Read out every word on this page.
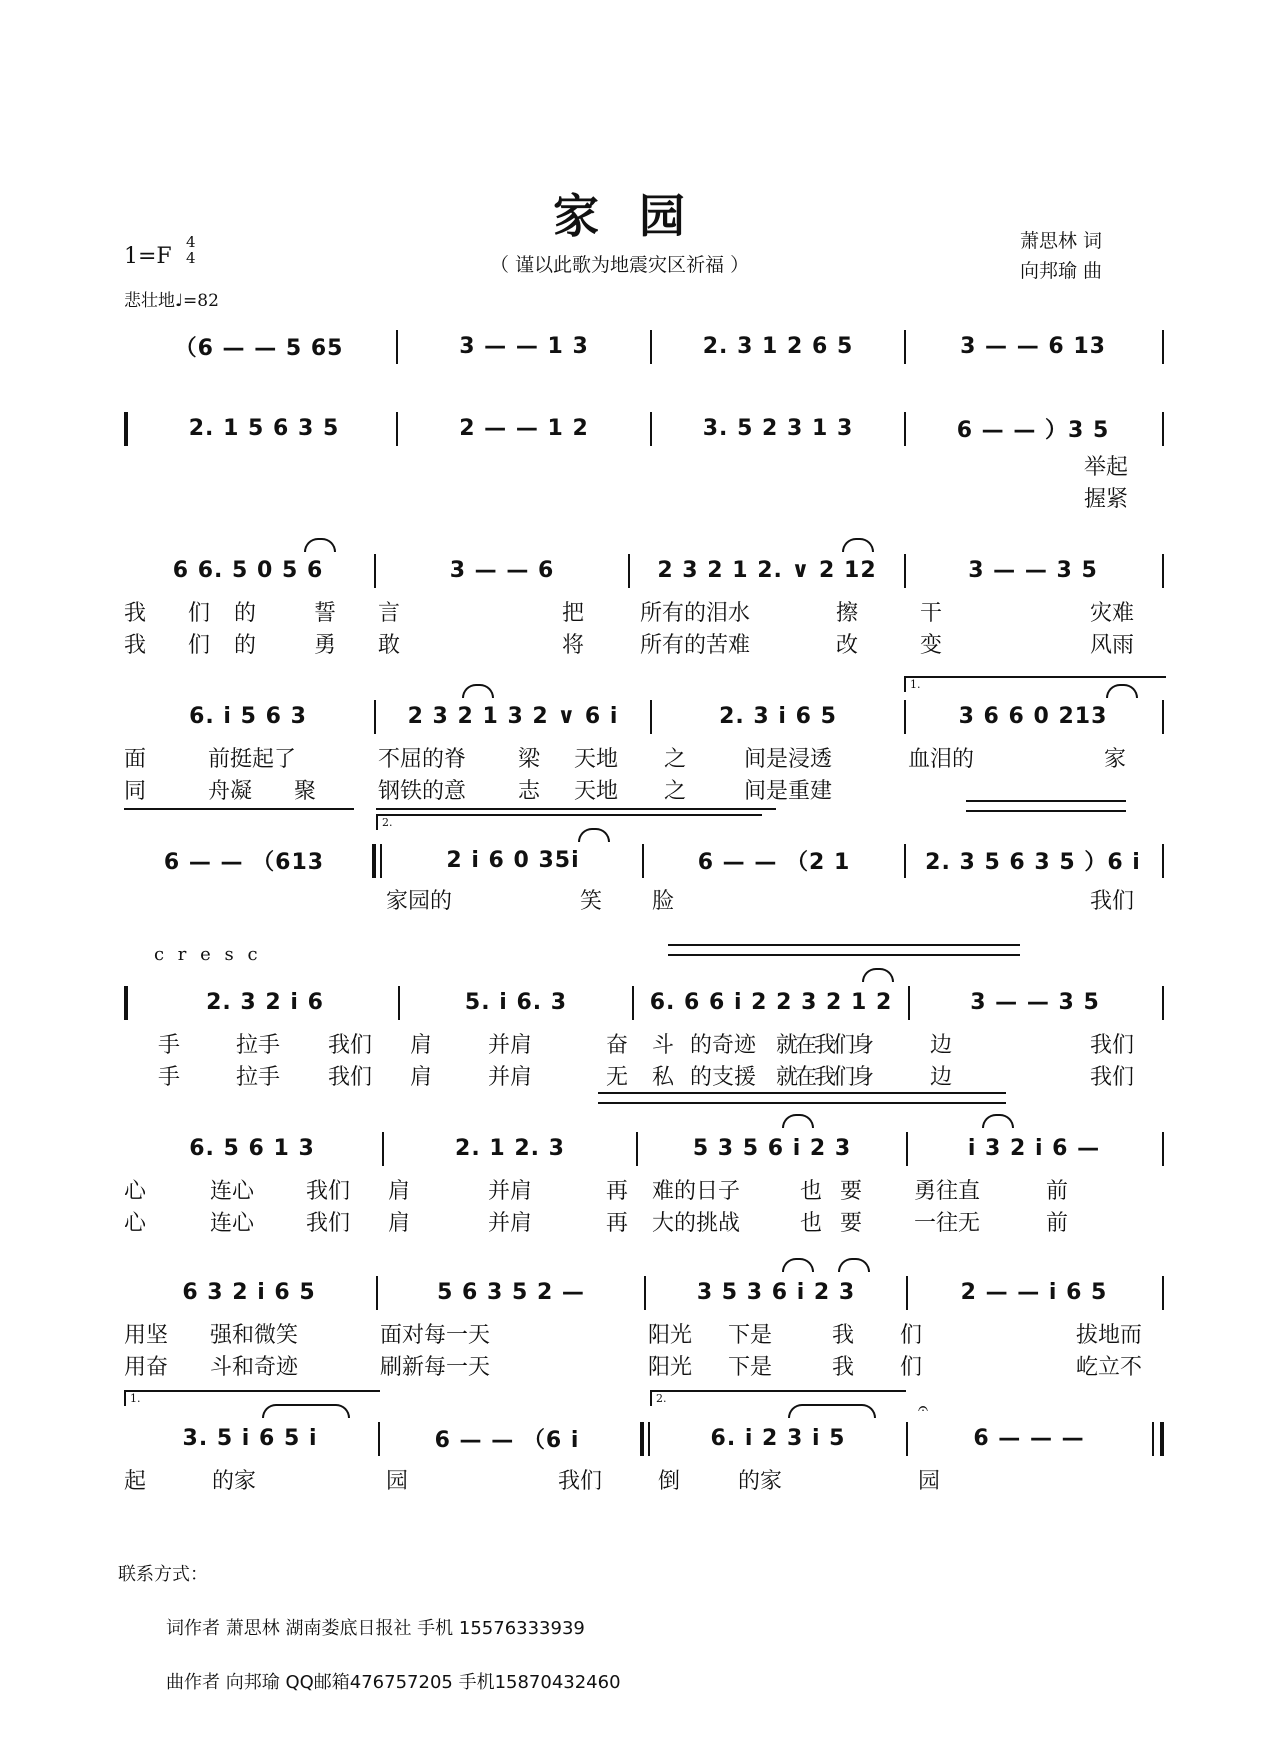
家园
（ 谨以此歌为地震灾区祈福 ）
萧思林 词
向邦瑜 曲
1=F
4
4
悲壮地♩=82
（6 — — 5 65	3 — — 1 3	2. 3 1 2 6 5	3 — — 6 13
2. 1 5 6 3 5	2 — — 1 2	3. 5 2 3 1 3	6 — — ）3 5
举起
握紧
6 6. 5 0 5 6	3 — — 6	2 3 2 1 2. ∨ 2 12	3 — — 3 5
我 们 的	誓 言	把	所有的泪水	擦	干	灾难
我 们 的	勇 敢	将	所有的苦难	改	变	风雨
1.
6. i 5 6 3	2 3 2 1 3 2 ∨ 6 i	2. 3 i 6 5	3 6 6 0 213
面	前挺起了	不屈的脊 梁 天地 之	间是浸透	血泪的	家
同	舟凝 聚	钢铁的意 志 天地 之	间是重建
2.
6 — — （613	2 i 6 0 35i	6 — — （2 1	2. 3 5 6 3 5 ）6 i
家园的	笑 脸	我们
c r e s c
2. 3 2 i 6	5. i 6. 3	6. 6 6 i 2 2 3 2 1 2	3 — — 3 5
手	拉手 我们 肩	并肩	奋 斗 的奇迹 就在我们身	边	我们
手	拉手 我们 肩	并肩	无 私 的支援 就在我们身	边	我们
6. 5 6 1 3	2. 1 2. 3	5 3 5 6 i 2 3	i 3 2 i 6 —
心	连心 我们 肩	并肩	再 难的日子	也 要 勇往直	前
心	连心 我们 肩	并肩	再 大的挑战	也 要 一往无	前
6 3 2 i 6 5	5 6 3 5 2 —	3 5 3 6 i 2 3	2 — — i 6 5
用坚 强和微笑	面对每一天	阳光 下是	我 们	拔地而
用奋 斗和奇迹	刷新每一天	阳光 下是	我 们	屹立不
1.	2.	𝄐
3. 5 i 6 5 i	6 — — （6 i	6. i 2 3 i 5	6 — — —
起	的家	园	我们	倒	的家	园
联系方式：
词作者 萧思林 湖南娄底日报社 手机 15576333939
曲作者 向邦瑜 QQ邮箱476757205 手机15870432460
